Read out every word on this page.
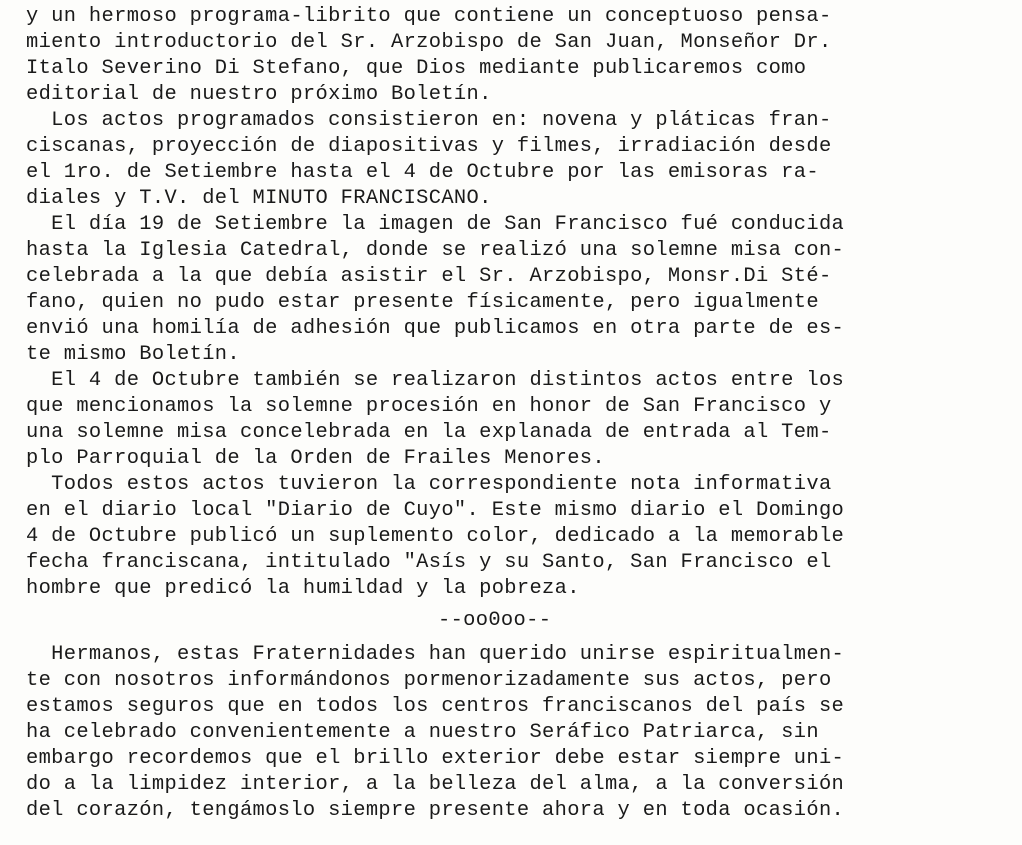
y un hermoso programa-librito que contiene un conceptuoso pensa-
miento introductorio del Sr. Arzobispo de San Juan, Monseñor Dr.
Italo Severino Di Stefano, que Dios mediante publicaremos como
editorial de nuestro próximo Boletín.
Los actos programados consistieron en: novena y pláticas fran-
ciscanas, proyección de diapositivas y filmes, irradiación desde
el 1ro. de Setiembre hasta el 4 de Octubre por las emisoras ra-
diales y T.V. del MINUTO FRANCISCANO.
El día 19 de Setiembre la imagen de San Francisco fué conducida
hasta la Iglesia Catedral, donde se realizó una solemne misa con-
celebrada a la que debía asistir el Sr. Arzobispo, Monsr.Di Sté-
fano, quien no pudo estar presente físicamente, pero igualmente
envió una homilía de adhesión que publicamos en otra parte de es-
te mismo Boletín.
El 4 de Octubre también se realizaron distintos actos entre los
que mencionamos la solemne procesión en honor de San Francisco y
una solemne misa concelebrada en la explanada de entrada al Tem-
plo Parroquial de la Orden de Frailes Menores.
Todos estos actos tuvieron la correspondiente nota informativa
en el diario local "Diario de Cuyo". Este mismo diario el Domingo
4 de Octubre publicó un suplemento color, dedicado a la memorable
fecha franciscana, intitulado "Asís y su Santo, San Francisco el
hombre que predicó la humildad y la pobreza.
--oo0oo--
Hermanos, estas Fraternidades han querido unirse espiritualmen-
te con nosotros informándonos pormenorizadamente sus actos, pero
estamos seguros que en todos los centros franciscanos del país se
ha celebrado convenientemente a nuestro Seráfico Patriarca, sin
embargo recordemos que el brillo exterior debe estar siempre uni-
do a la limpidez interior, a la belleza del alma, a la conversión
del corazón, tengámoslo siempre presente ahora y en toda ocasión.
